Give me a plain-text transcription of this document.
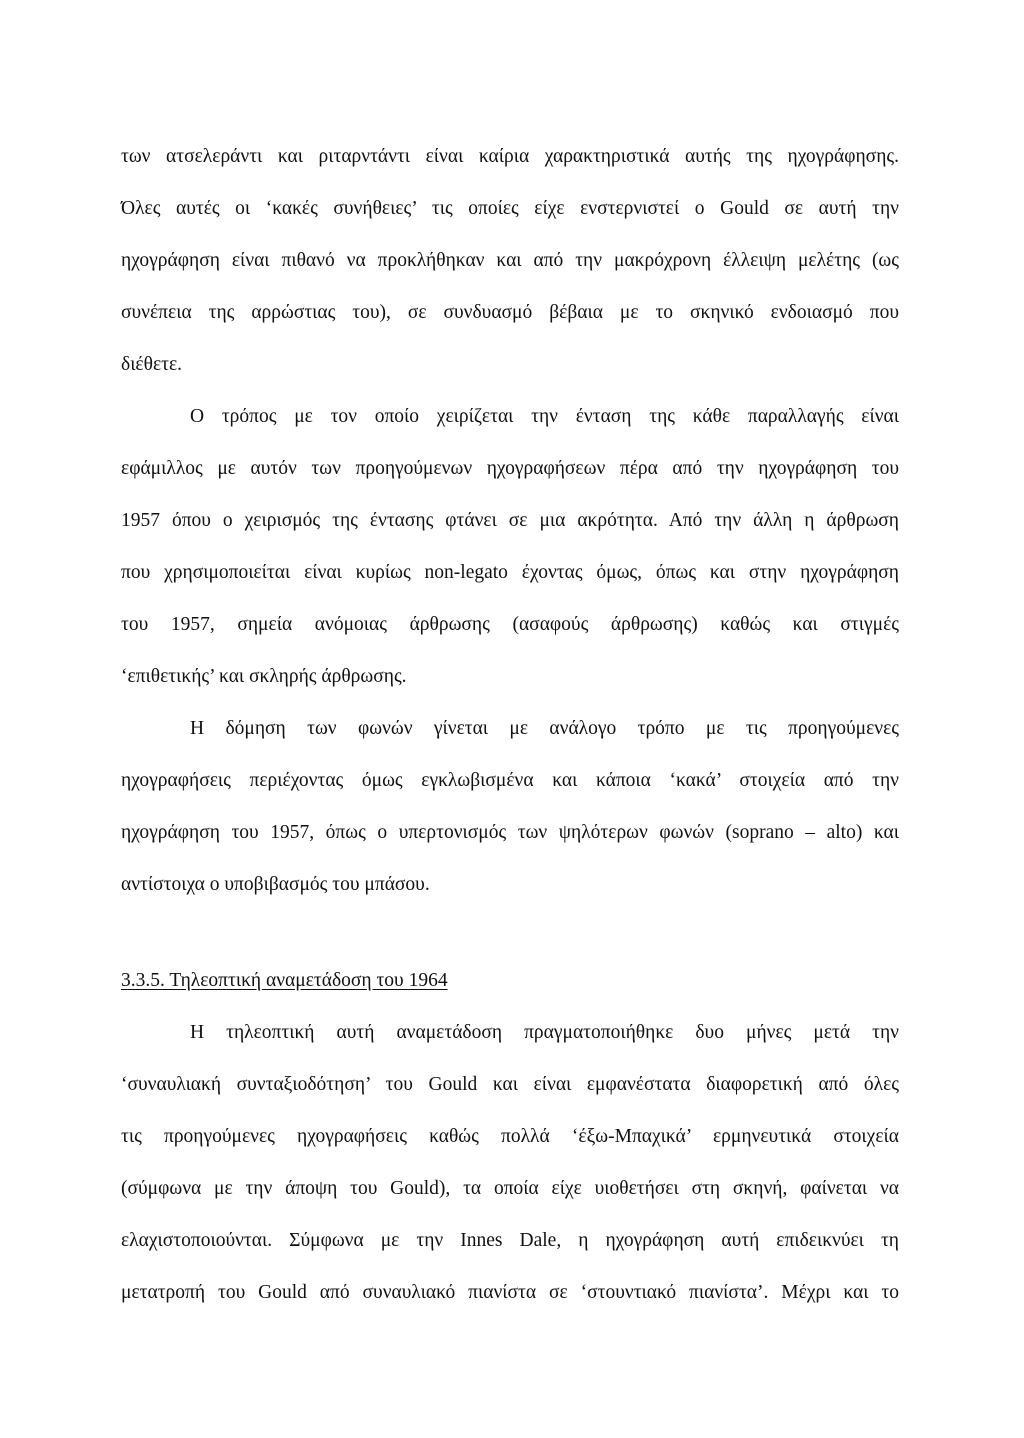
των ατσελεράντι και ριταρντάντι είναι καίρια χαρακτηριστικά αυτής της ηχογράφησης.
Όλες αυτές οι ‘κακές συνήθειες’ τις οποίες είχε ενστερνιστεί ο Gould σε αυτή την
ηχογράφηση είναι πιθανό να προκλήθηκαν και από την μακρόχρονη έλλειψη μελέτης (ως
συνέπεια της αρρώστιας του), σε συνδυασμό βέβαια με το σκηνικό ενδοιασμό που
διέθετε.
Ο τρόπος με τον οποίο χειρίζεται την ένταση της κάθε παραλλαγής είναι
εφάμιλλος με αυτόν των προηγούμενων ηχογραφήσεων πέρα από την ηχογράφηση του
1957 όπου ο χειρισμός της έντασης φτάνει σε μια ακρότητα. Από την άλλη η άρθρωση
που χρησιμοποιείται είναι κυρίως non-legato έχοντας όμως, όπως και στην ηχογράφηση
του 1957, σημεία ανόμοιας άρθρωσης (ασαφούς άρθρωσης) καθώς και στιγμές
‘επιθετικής’ και σκληρής άρθρωσης.
Η δόμηση των φωνών γίνεται με ανάλογο τρόπο με τις προηγούμενες
ηχογραφήσεις περιέχοντας όμως εγκλωβισμένα και κάποια ‘κακά’ στοιχεία από την
ηχογράφηση του 1957, όπως ο υπερτονισμός των ψηλότερων φωνών (soprano – alto) και
αντίστοιχα ο υποβιβασμός του μπάσου.
3.3.5. Τηλεοπτική αναμετάδοση του 1964
Η τηλεοπτική αυτή αναμετάδοση πραγματοποιήθηκε δυο μήνες μετά την
‘συναυλιακή συνταξιοδότηση’ του Gould και είναι εμφανέστατα διαφορετική από όλες
τις προηγούμενες ηχογραφήσεις καθώς πολλά ‘έξω-Μπαχικά’ ερμηνευτικά στοιχεία
(σύμφωνα με την άποψη του Gould), τα οποία είχε υιοθετήσει στη σκηνή, φαίνεται να
ελαχιστοποιούνται. Σύμφωνα με την Innes Dale, η ηχογράφηση αυτή επιδεικνύει τη
μετατροπή του Gould από συναυλιακό πιανίστα σε ‘στουντιακό πιανίστα’. Μέχρι και το
